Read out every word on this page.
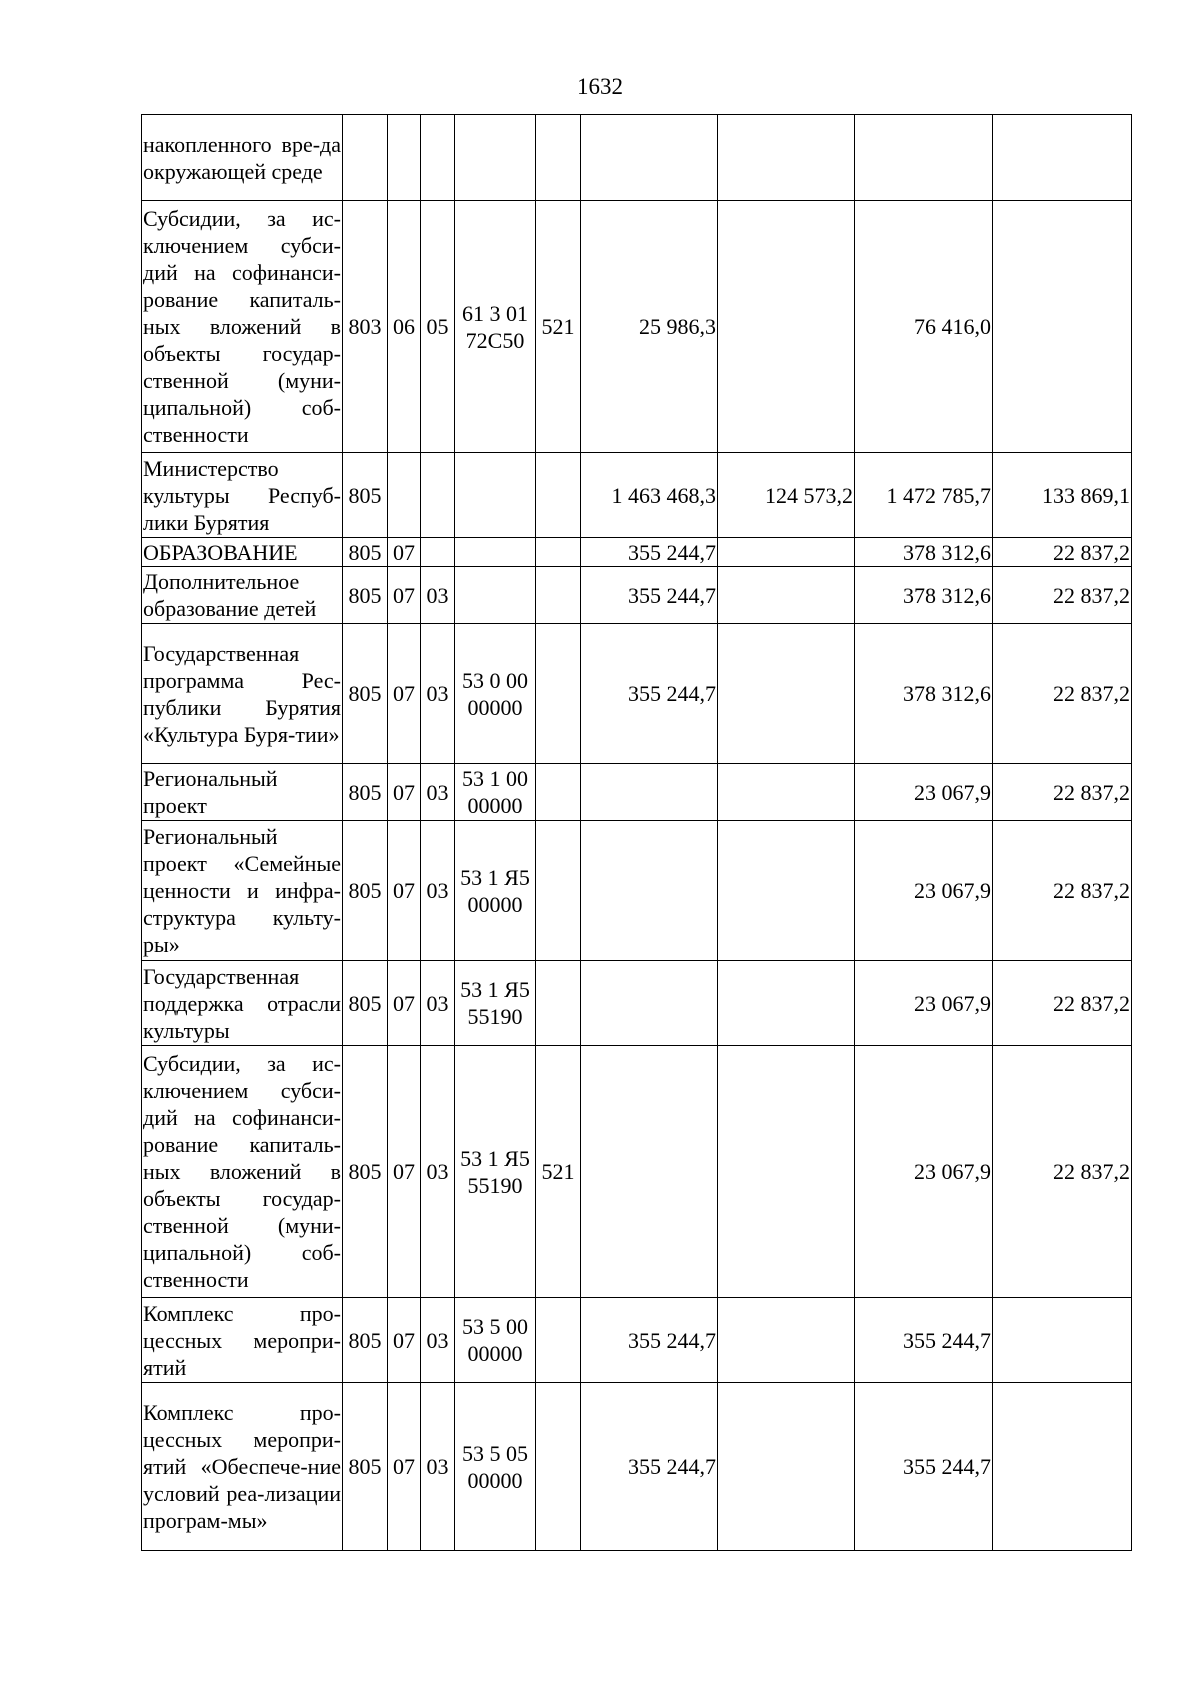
1632
накопленного вре-да окружающей среде									
Субсидии, за ис-ключением субси-дий на софинанси-рование капиталь-ных вложений в объекты государ-ственной (муни-ципальной) соб-ственности	803	06	05	61 3 01 72С50	521	25 986,3		76 416,0	
Министерство культуры Респуб-лики Бурятия	805					1 463 468,3	124 573,2	1 472 785,7	133 869,1
ОБРАЗОВАНИЕ	805	07				355 244,7		378 312,6	22 837,2
Дополнительное образование детей	805	07	03			355 244,7		378 312,6	22 837,2
Государственная программа Рес-публики Бурятия «Культура Буря-тии»	805	07	03	53 0 00 00000		355 244,7		378 312,6	22 837,2
Региональный проект	805	07	03	53 1 00 00000				23 067,9	22 837,2
Региональный проект «Семейные ценности и инфра-структура культу-ры»	805	07	03	53 1 Я5 00000				23 067,9	22 837,2
Государственная поддержка отрасли культуры	805	07	03	53 1 Я5 55190				23 067,9	22 837,2
Субсидии, за ис-ключением субси-дий на софинанси-рование капиталь-ных вложений в объекты государ-ственной (муни-ципальной) соб-ственности	805	07	03	53 1 Я5 55190	521			23 067,9	22 837,2
Комплекс про-цессных меропри-ятий	805	07	03	53 5 00 00000		355 244,7		355 244,7	
Комплекс про-цессных меропри-ятий «Обеспече-ние условий реа-лизации програм-мы»	805	07	03	53 5 05 00000		355 244,7		355 244,7	
